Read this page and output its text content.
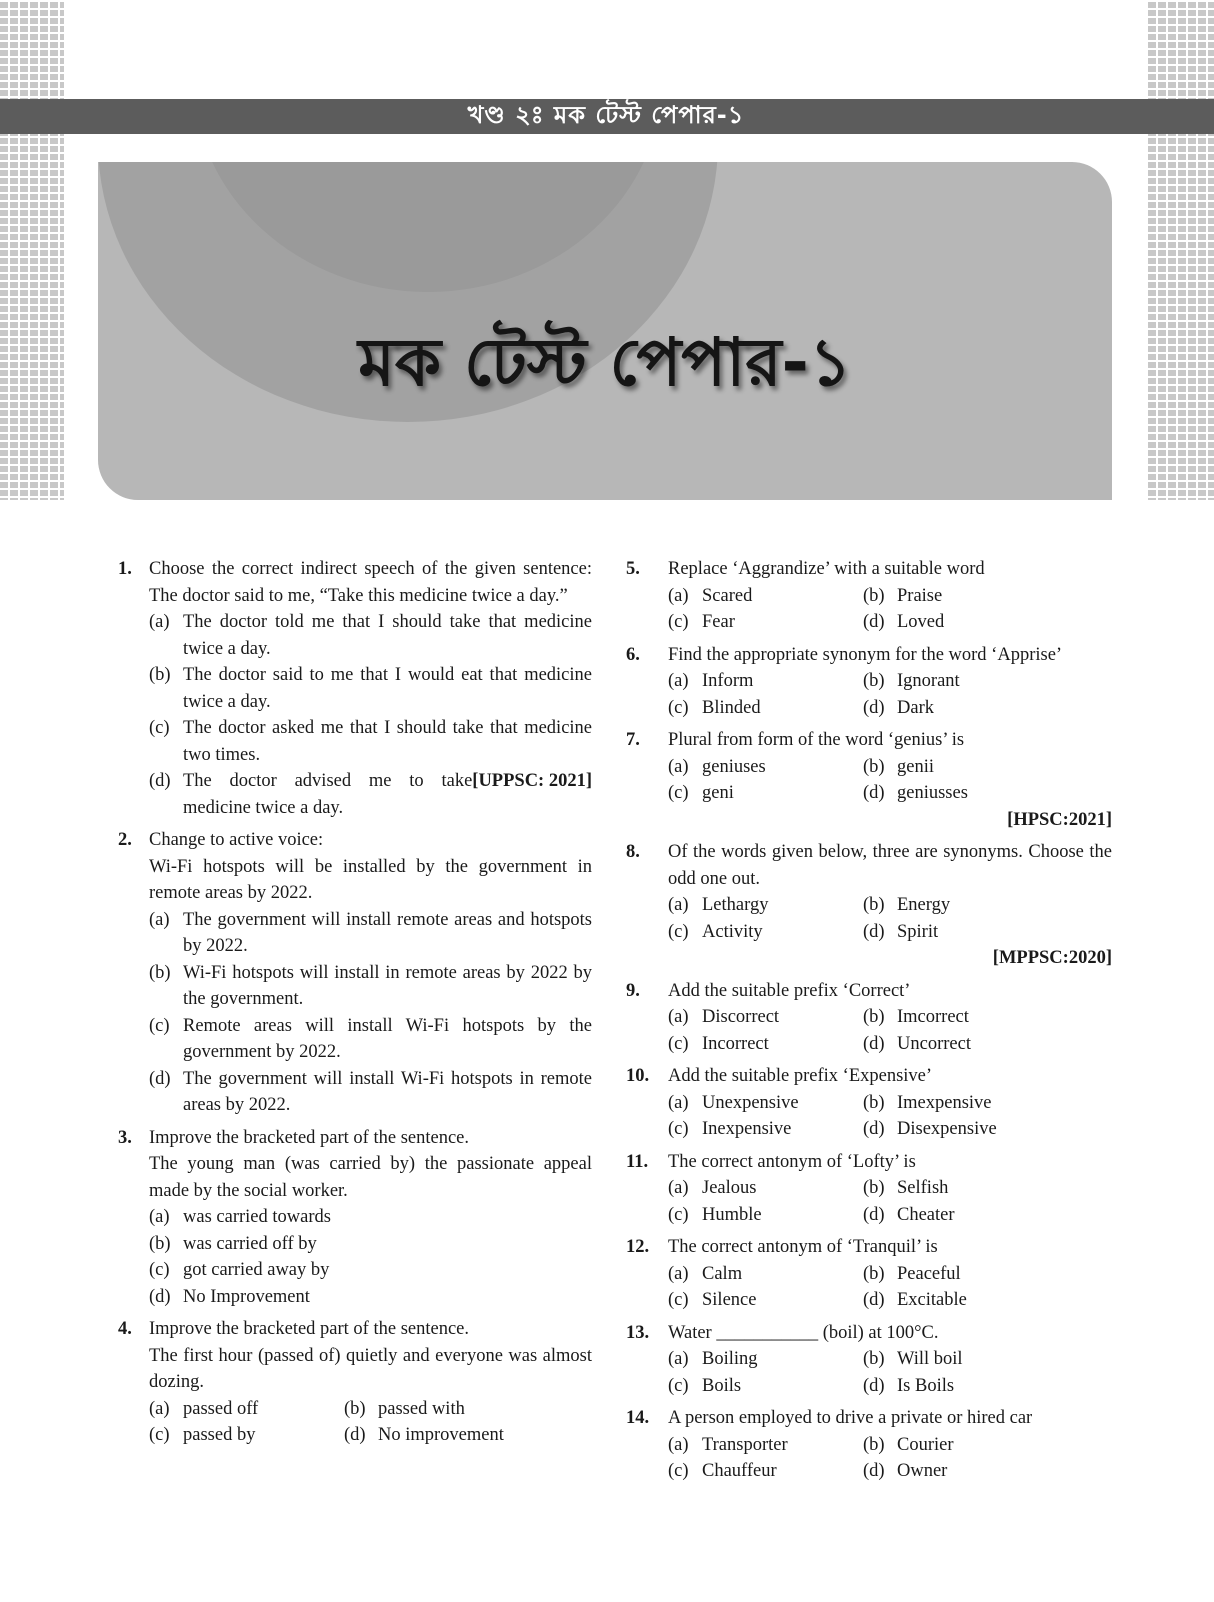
খণ্ড ২ঃ মক টেস্ট পেপার-১
মক টেস্ট পেপার-১
1. Choose the correct indirect speech of the given sentence: The doctor said to me, “Take this medicine twice a day.”
(a) The doctor told me that I should take that medicine twice a day.
(b) The doctor said to me that I would eat that medicine twice a day.
(c) The doctor asked me that I should take that medicine two times.
(d)	[UPPSC: 2021]
The doctor advised me to take medicine twice a day.
2. Change to active voice:
Wi-Fi hotspots will be installed by the government in remote areas by 2022.
(a) The government will install remote areas and hotspots by 2022.
(b) Wi-Fi hotspots will install in remote areas by 2022 by the government.
(c) Remote areas will install Wi-Fi hotspots by the government by 2022.
(d) The government will install Wi-Fi hotspots in remote areas by 2022.
3. Improve the bracketed part of the sentence.
The young man (was carried by) the passionate appeal made by the social worker.
(a) was carried towards
(b) was carried off by
(c) got carried away by
(d) No Improvement
4. Improve the bracketed part of the sentence.
The first hour (passed of) quietly and everyone was almost dozing.
(a) passed off	(b) passed with
(c) passed by	(d) No improvement
5. Replace ‘Aggrandize’ with a suitable word
(a) Scared	(b) Praise
(c) Fear	(d) Loved
6. Find the appropriate synonym for the word ‘Apprise’
(a) Inform	(b) Ignorant
(c) Blinded	(d) Dark
7. Plural from form of the word ‘genius’ is
(a) geniuses	(b) genii
(c) geni	(d) geniusses
[HPSC:2021]
8. Of the words given below, three are synonyms. Choose the odd one out.
(a) Lethargy	(b) Energy
(c) Activity	(d) Spirit
[MPPSC:2020]
9. Add the suitable prefix ‘Correct’
(a) Discorrect	(b) Imcorrect
(c) Incorrect	(d) Uncorrect
10. Add the suitable prefix ‘Expensive’
(a) Unexpensive	(b) Imexpensive
(c) Inexpensive	(d) Disexpensive
11. The correct antonym of ‘Lofty’ is
(a) Jealous	(b) Selfish
(c) Humble	(d) Cheater
12. The correct antonym of ‘Tranquil’ is
(a) Calm	(b) Peaceful
(c) Silence	(d) Excitable
13. Water ___________ (boil) at 100°C.
(a) Boiling	(b) Will boil
(c) Boils	(d) Is Boils
14. A person employed to drive a private or hired car
(a) Transporter	(b) Courier
(c) Chauffeur	(d) Owner
